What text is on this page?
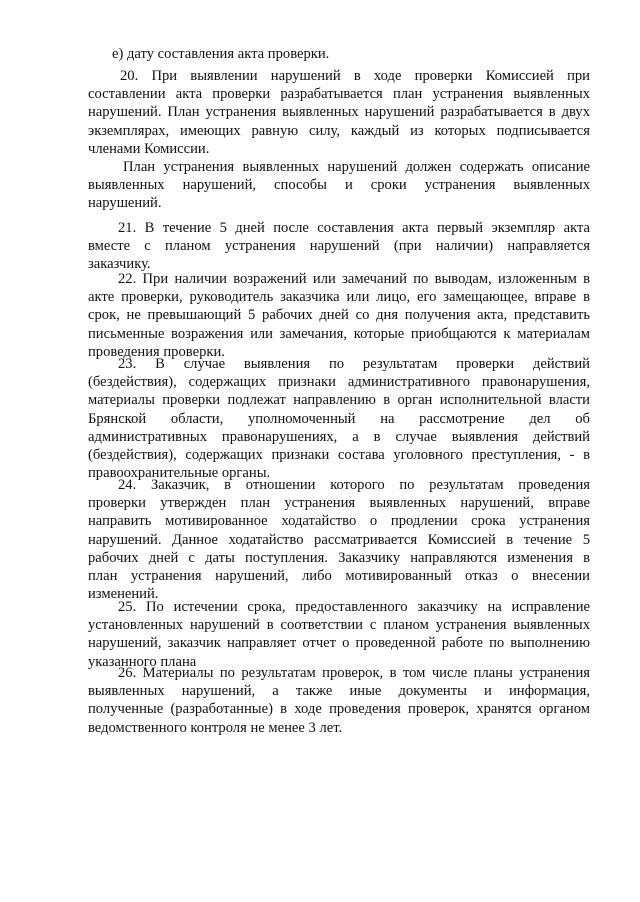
е) дату составления акта проверки.
20. При выявлении нарушений в ходе проверки Комиссией при
составлении акта проверки разрабатывается план устранения выявленных
нарушений. План устранения выявленных нарушений разрабатывается в двух
экземплярах, имеющих равную силу, каждый из которых подписывается
членами Комиссии.
План устранения выявленных нарушений должен содержать описание
выявленных нарушений, способы и сроки устранения выявленных
нарушений.
21. В течение 5 дней после составления акта первый экземпляр акта
вместе с планом устранения нарушений (при наличии) направляется
заказчику.
22. При наличии возражений или замечаний по выводам, изложенным в
акте проверки, руководитель заказчика или лицо, его замещающее, вправе в
срок, не превышающий 5 рабочих дней со дня получения акта, представить
письменные возражения или замечания, которые приобщаются к материалам
проведения проверки.
23. В случае выявления по результатам проверки действий
(бездействия), содержащих признаки административного правонарушения,
материалы проверки подлежат направлению в орган исполнительной власти
Брянской области, уполномоченный на рассмотрение дел об
административных правонарушениях, а в случае выявления действий
(бездействия), содержащих признаки состава уголовного преступления, - в
правоохранительные органы.
24. Заказчик, в отношении которого по результатам проведения
проверки утвержден план устранения выявленных нарушений, вправе
направить мотивированное ходатайство о продлении срока устранения
нарушений. Данное ходатайство рассматривается Комиссией в течение 5
рабочих дней с даты поступления. Заказчику направляются изменения в
план устранения нарушений, либо мотивированный отказ о внесении
изменений.
25. По истечении срока, предоставленного заказчику на исправление
установленных нарушений в соответствии с планом устранения выявленных
нарушений, заказчик направляет отчет о проведенной работе по выполнению
указанного плана
26. Материалы по результатам проверок, в том числе планы устранения
выявленных нарушений, а также иные документы и информация,
полученные (разработанные) в ходе проведения проверок, хранятся органом
ведомственного контроля не менее 3 лет.
